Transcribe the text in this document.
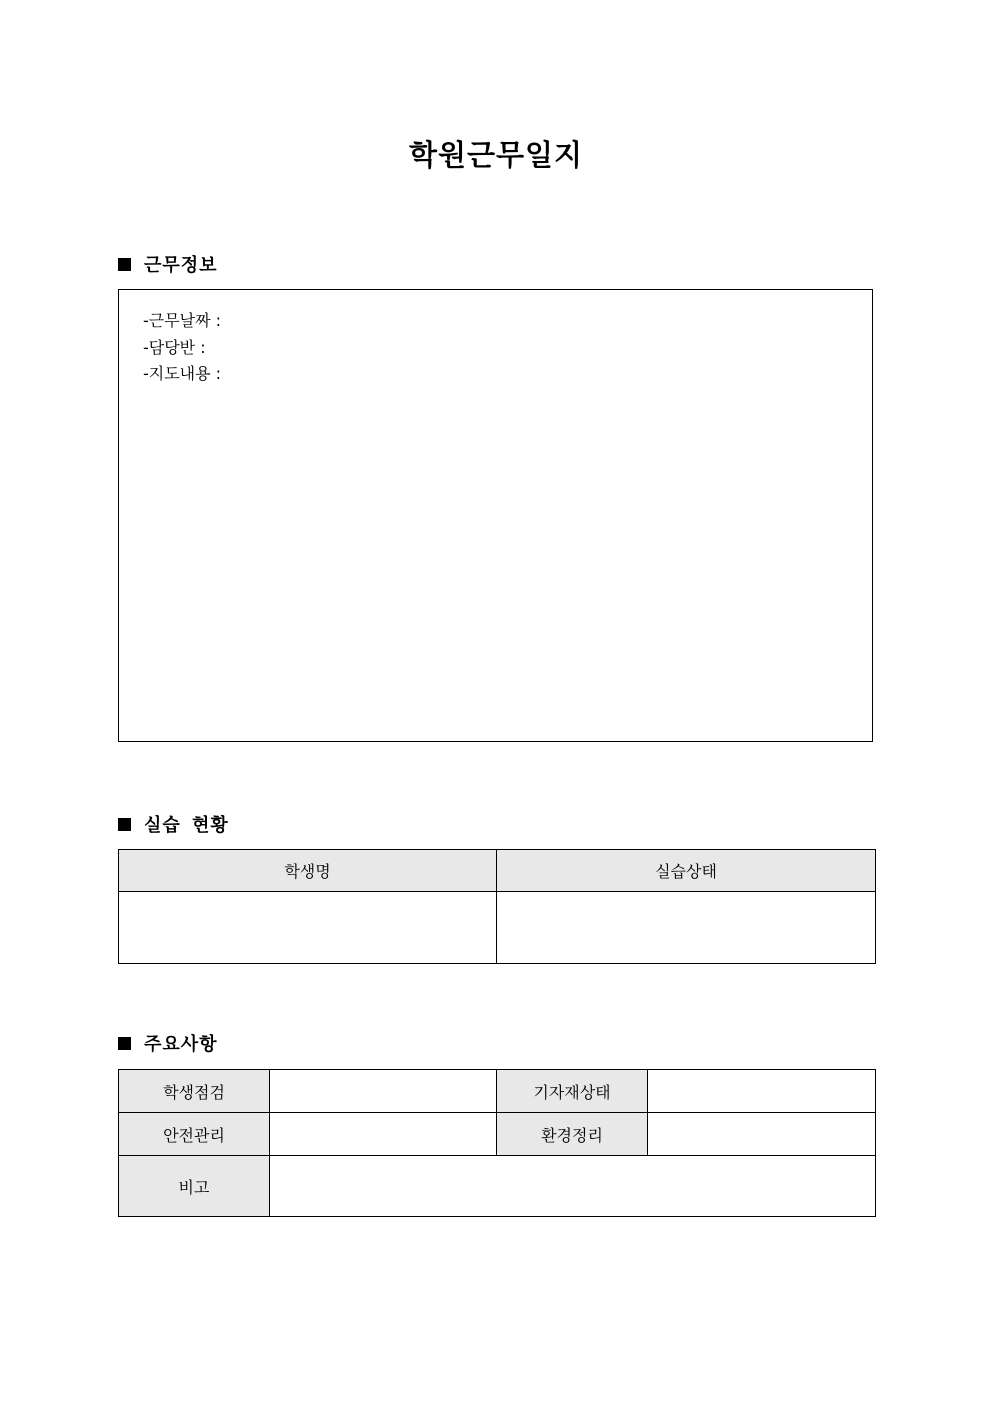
학원근무일지
근무정보
-근무날짜 :
-담당반 :
-지도내용 :
실습 현황
학생명	실습상태

주요사항
학생점검		기자재상태	
안전관리		환경정리	
비고			
